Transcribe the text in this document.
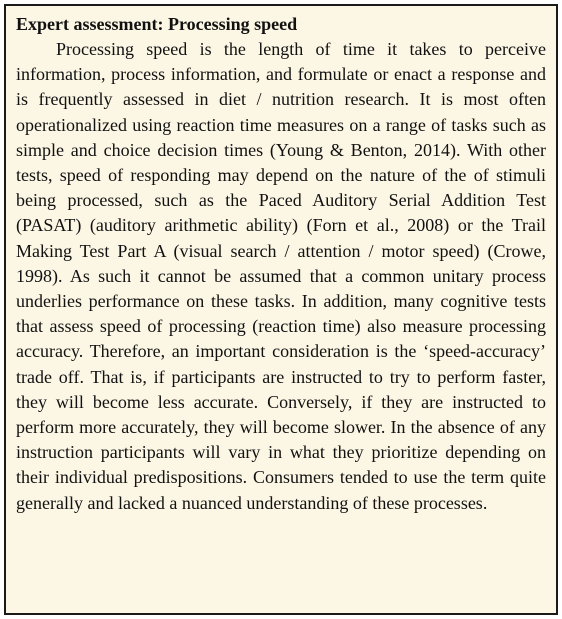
Expert assessment: Processing speed

Processing speed is the length of time it takes to perceive information, process information, and formulate or enact a response and is frequently assessed in diet / nutrition research. It is most often operationalized using reaction time measures on a range of tasks such as simple and choice decision times (Young & Benton, 2014). With other tests, speed of responding may depend on the nature of the of stimuli being processed, such as the Paced Auditory Serial Addition Test (PASAT) (auditory arithmetic ability) (Forn et al., 2008) or the Trail Making Test Part A (visual search / attention / motor speed) (Crowe, 1998). As such it cannot be assumed that a common unitary process underlies performance on these tasks. In addition, many cognitive tests that assess speed of processing (reaction time) also measure processing accuracy. Therefore, an important consideration is the ‘speed-accuracy’ trade off. That is, if participants are instructed to try to perform faster, they will become less accurate. Conversely, if they are instructed to perform more accurately, they will become slower. In the absence of any instruction participants will vary in what they prioritize depending on their individual predispositions. Consumers tended to use the term quite generally and lacked a nuanced understanding of these processes.
